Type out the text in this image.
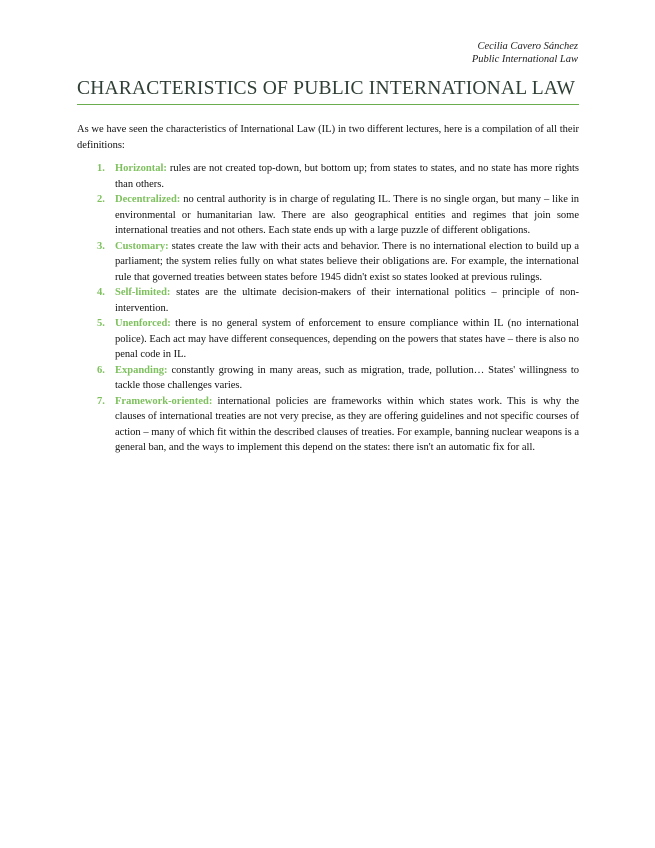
Cecilia Cavero Sánchez
Public International Law
CHARACTERISTICS OF PUBLIC INTERNATIONAL LAW

As we have seen the characteristics of International Law (IL) in two different lectures, here is a compilation of all their definitions:

1. Horizontal: rules are not created top-down, but bottom up; from states to states, and no state has more rights than others.
2. Decentralized: no central authority is in charge of regulating IL. There is no single organ, but many – like in environmental or humanitarian law. There are also geographical entities and regimes that join some international treaties and not others. Each state ends up with a large puzzle of different obligations.
3. Customary: states create the law with their acts and behavior. There is no international election to build up a parliament; the system relies fully on what states believe their obligations are. For example, the international rule that governed treaties between states before 1945 didn't exist so states looked at previous rulings.
4. Self-limited: states are the ultimate decision-makers of their international politics – principle of non-intervention.
5. Unenforced: there is no general system of enforcement to ensure compliance within IL (no international police). Each act may have different consequences, depending on the powers that states have – there is also no penal code in IL.
6. Expanding: constantly growing in many areas, such as migration, trade, pollution… States' willingness to tackle those challenges varies.
7. Framework-oriented: international policies are frameworks within which states work. This is why the clauses of international treaties are not very precise, as they are offering guidelines and not specific courses of action – many of which fit within the described clauses of treaties. For example, banning nuclear weapons is a general ban, and the ways to implement this depend on the states: there isn't an automatic fix for all.
